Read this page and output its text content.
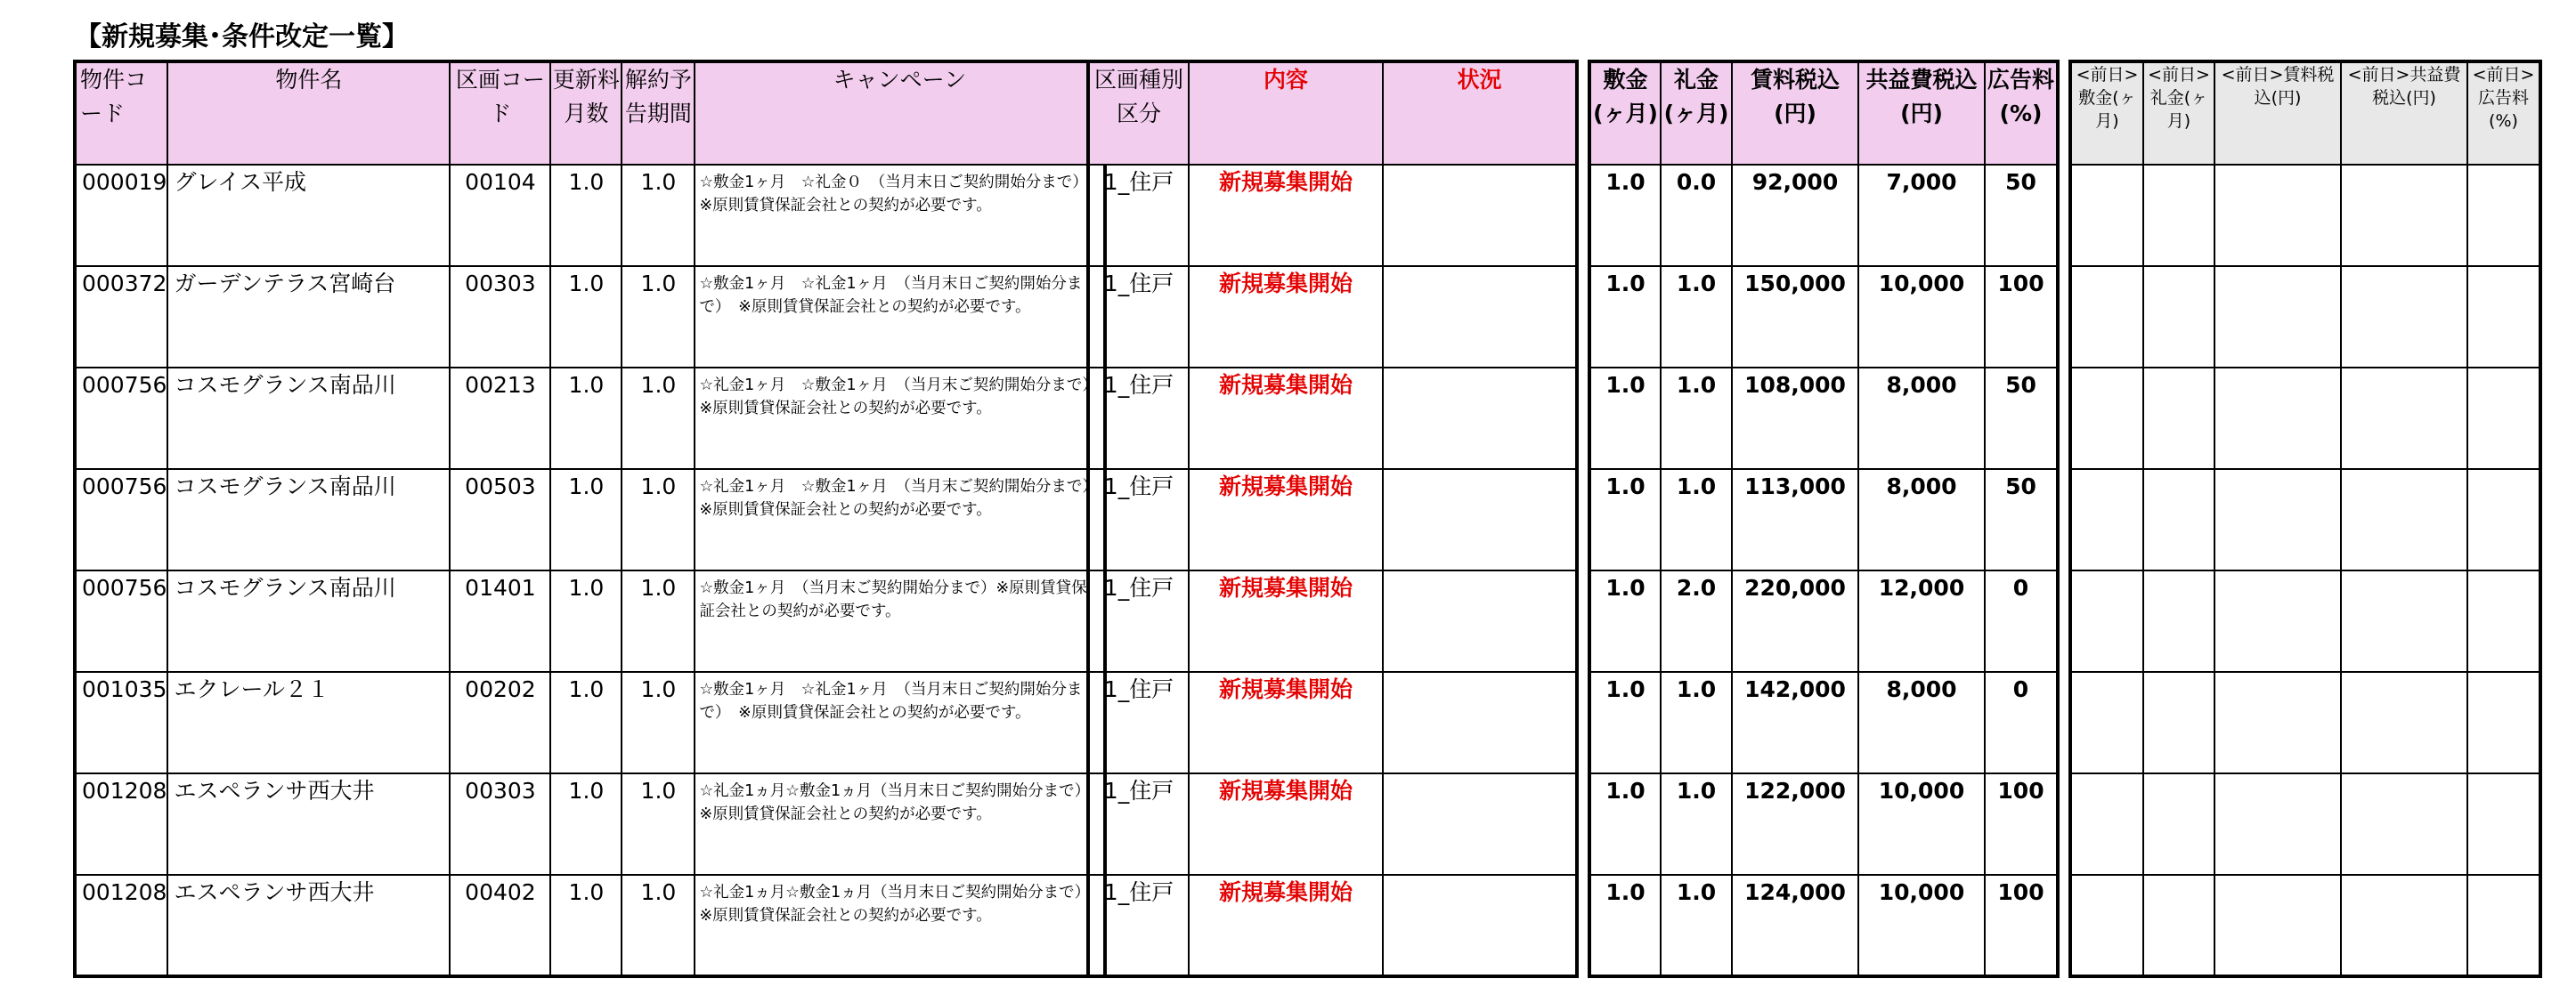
【新規募集･条件改定一覧】
物件コード	物件名	区画コード	更新料月数	解約予告期間	キャンペーン
000019	グレイス平成	00104	1.0	1.0	☆敷金1ヶ月　☆礼金０　（当月末日ご契約開始分まで）　※原則賃貸保証会社との契約が必要です。
000372	ガーデンテラス宮崎台	00303	1.0	1.0	☆敷金1ヶ月　☆礼金1ヶ月　（当月末日ご契約開始分まで）　※原則賃貸保証会社との契約が必要です。
000756	コスモグランス南品川	00213	1.0	1.0	☆礼金1ヶ月　☆敷金1ヶ月　（当月末ご契約開始分まで）※原則賃貸保証会社との契約が必要です。
000756	コスモグランス南品川	00503	1.0	1.0	☆礼金1ヶ月　☆敷金1ヶ月　（当月末ご契約開始分まで）※原則賃貸保証会社との契約が必要です。
000756	コスモグランス南品川	01401	1.0	1.0	☆敷金1ヶ月　（当月末ご契約開始分まで）※原則賃貸保証会社との契約が必要です。
001035	エクレール２１	00202	1.0	1.0	☆敷金1ヶ月　☆礼金1ヶ月　（当月末日ご契約開始分まで）　※原則賃貸保証会社との契約が必要です。
001208	エスペランサ西大井	00303	1.0	1.0	☆礼金1ヵ月☆敷金1ヵ月（当月末日ご契約開始分まで）※原則賃貸保証会社との契約が必要です。
001208	エスペランサ西大井	00402	1.0	1.0	☆礼金1ヵ月☆敷金1ヵ月（当月末日ご契約開始分まで）※原則賃貸保証会社との契約が必要です。
区画種別区分	内容	状況
1_住戸	新規募集開始	
1_住戸	新規募集開始	
1_住戸	新規募集開始	
1_住戸	新規募集開始	
1_住戸	新規募集開始	
1_住戸	新規募集開始	
1_住戸	新規募集開始	
1_住戸	新規募集開始	
敷金(ヶ月)	礼金(ヶ月)	賃料税込(円)	共益費税込(円)	広告料(%)
1.0	0.0	92,000	7,000	50
1.0	1.0	150,000	10,000	100
1.0	1.0	108,000	8,000	50
1.0	1.0	113,000	8,000	50
1.0	2.0	220,000	12,000	0
1.0	1.0	142,000	8,000	0
1.0	1.0	122,000	10,000	100
1.0	1.0	124,000	10,000	100
<前日>敷金(ヶ月)	<前日>礼金(ヶ月)	<前日>賃料税込(円)	<前日>共益費税込(円)	<前日>広告料(%)
